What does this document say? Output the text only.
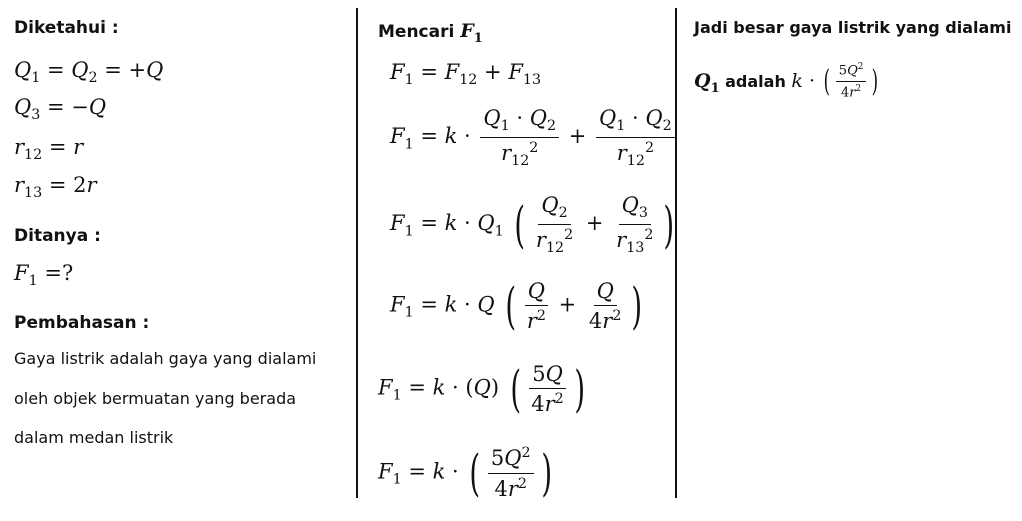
Diketahui :
$Q_1 = Q_2 = +Q$
$Q_3 = -Q$
$r_{12} = r$
$r_{13} = 2r$
Ditanya :
$F_1$ =?
Pembahasan :
Gaya listrik adalah gaya yang dialami
oleh objek bermuatan yang berada
dalam medan listrik
Mencari $F_1$
$F_1 = F_{12} + F_{13}$
$F_1 = k \cdot \frac{Q_1 \cdot Q_2}{r_{12}^2} + \frac{Q_1 \cdot Q_2}{r_{12}^2}$
$F_1 = k \cdot Q_1$ ( $\frac{Q_2}{r_{12}^2} + \frac{Q_3}{r_{13}^2}$ )
$F_1 = k \cdot Q$ ( $\frac{Q}{r^2} + \frac{Q}{4r^2}$ )
$F_1 = k \cdot (Q)$ ( $\frac{5Q}{4r^2}$ )
$F_1 = k$ · ( $\frac{5Q^2}{4r^2}$ )
Jadi besar gaya listrik yang dialami
$Q_1$ adalah k · ( $\frac{5Q^2}{4r^2}$ )
